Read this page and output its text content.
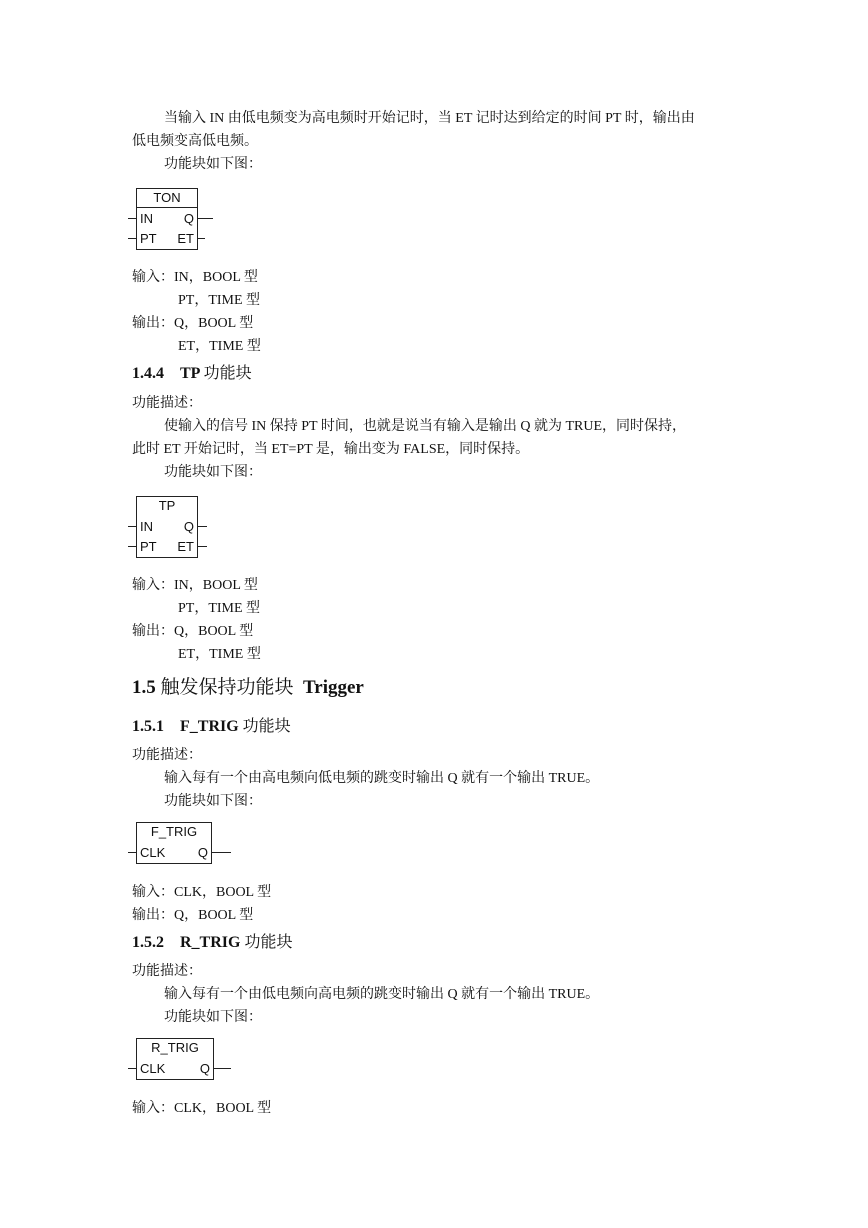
当输入 IN 由低电频变为高电频时开始记时，当 ET 记时达到给定的时间 PT 时，输出由
低电频变高低电频。
功能块如下图：
TON
IN
PT
Q
ET
输入：IN，BOOL 型
PT，TIME 型
输出：Q，BOOL 型
ET，TIME 型
1.4.4 TP 功能块
功能描述：
使输入的信号 IN 保持 PT 时间，也就是说当有输入是输出 Q 就为 TRUE，同时保持，
此时 ET 开始记时，当 ET=PT 是，输出变为 FALSE，同时保持。
功能块如下图：
TP
IN
PT
Q
ET
输入：IN，BOOL 型
PT，TIME 型
输出：Q，BOOL 型
ET，TIME 型
1.5 触发保持功能块 Trigger
1.5.1 F_TRIG 功能块
功能描述：
输入每有一个由高电频向低电频的跳变时输出 Q 就有一个输出 TRUE。
功能块如下图：
F_TRIG
CLK	Q
输入：CLK，BOOL 型
输出：Q，BOOL 型
1.5.2 R_TRIG 功能块
功能描述：
输入每有一个由低电频向高电频的跳变时输出 Q 就有一个输出 TRUE。
功能块如下图：
R_TRIG
CLK	Q
输入：CLK，BOOL 型
